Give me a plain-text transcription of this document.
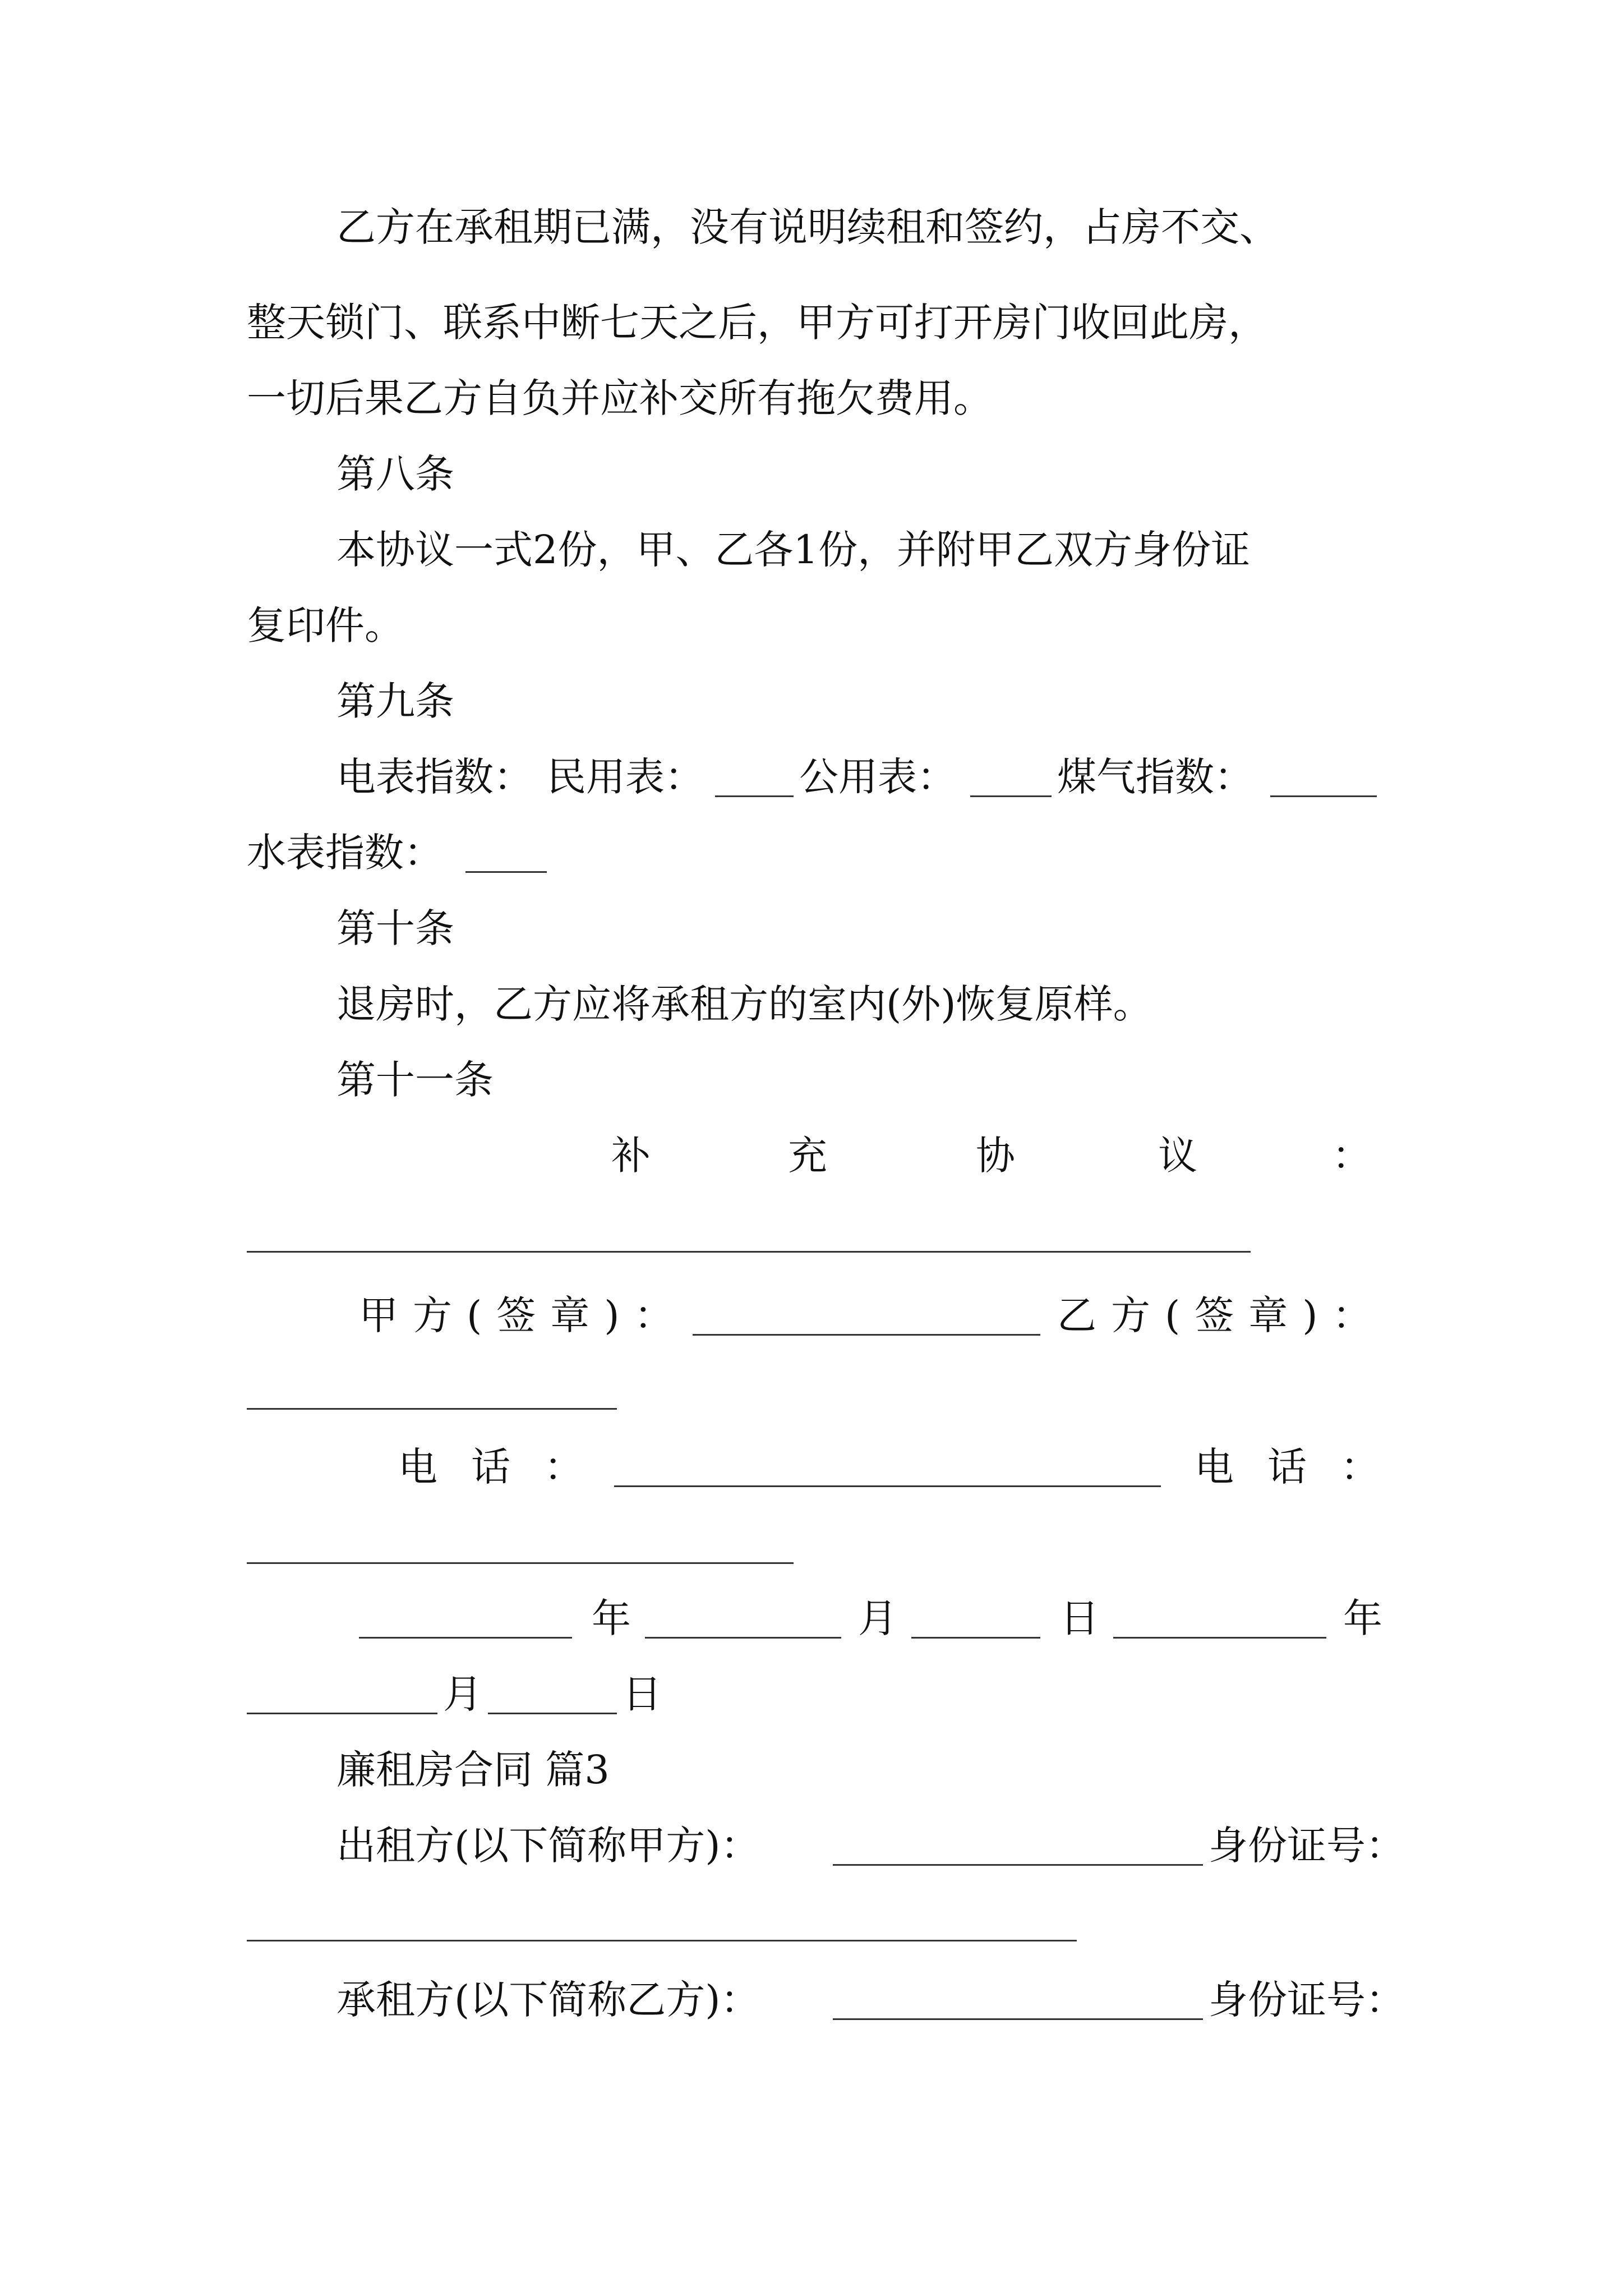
乙方在承租期已满，没有说明续租和签约，占房不交、
整天锁门、联系中断七天之后，甲方可打开房门收回此房，
一切后果乙方自负并应补交所有拖欠费用。
第八条
本协议一式2份，甲、乙各1份，并附甲乙双方身份证
复印件。
第九条
电表指数： 民用表： 公用表：	煤气指数：
水表指数：
第十条
退房时，乙方应将承租方的室内(外)恢复原样。
第十一条
补	充	协	议	：
甲方(签章)：	乙方(签章)：
电话：	电话：
年	月	日	年
月	日
廉租房合同 篇3
出租方(以下简称甲方)：	身份证号：
承租方(以下简称乙方)：	身份证号：
